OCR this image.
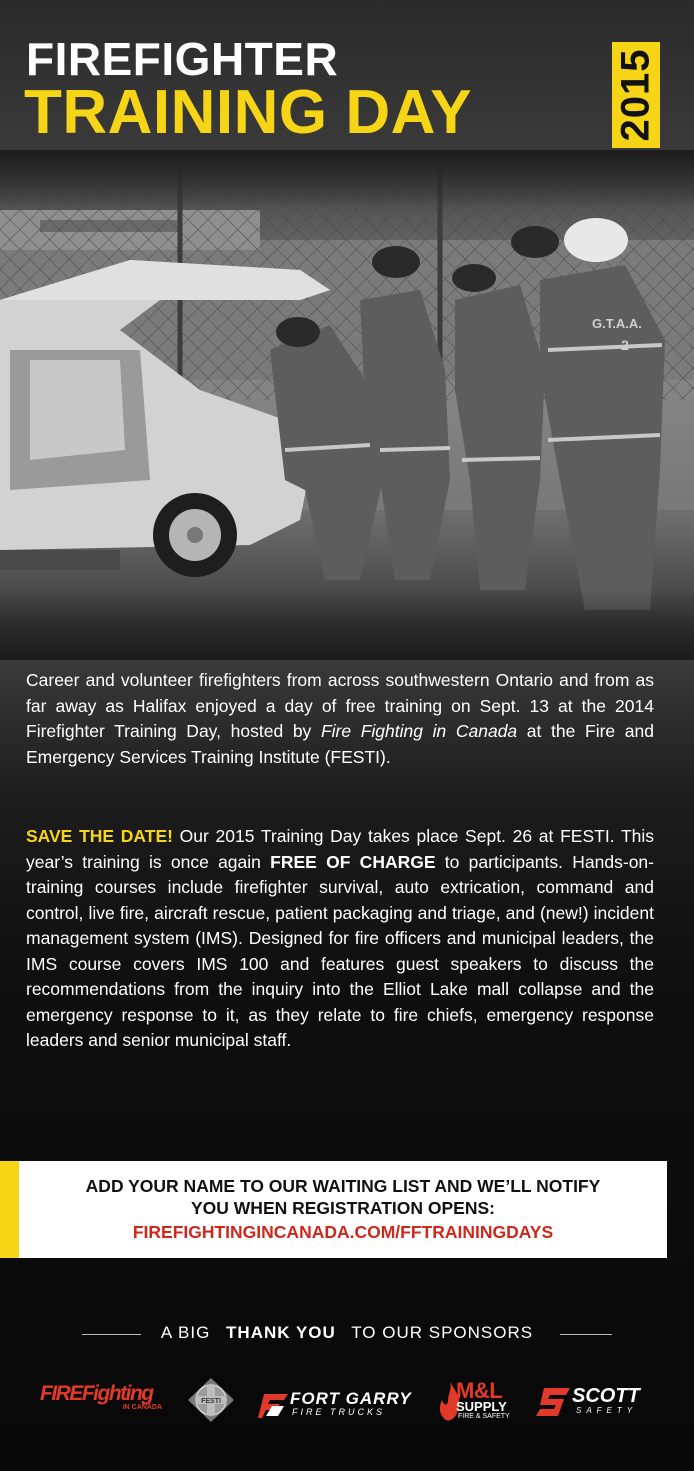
FIREFIGHTER
TRAINING DAY	2015
G.T.A.A.
2

Career and volunteer firefighters from across southwestern Ontario and from as far away as Halifax enjoyed a day of free training on Sept. 13 at the 2014 Firefighter Training Day, hosted by Fire Fighting in Canada at the Fire and Emergency Services Training Institute (FESTI).

SAVE THE DATE! Our 2015 Training Day takes place Sept. 26 at FESTI. This year’s training is once again FREE OF CHARGE to participants. Hands-on-training courses include firefighter survival, auto extrication, command and control, live fire, aircraft rescue, patient packaging and triage, and (new!) incident management system (IMS). Designed for fire officers and municipal leaders, the IMS course covers IMS 100 and features guest speakers to discuss the recommendations from the inquiry into the Elliot Lake mall collapse and the emergency response to it, as they relate to fire chiefs, emergency response leaders and senior municipal staff.

ADD YOUR NAME TO OUR WAITING LIST AND WE’LL NOTIFY
YOU WHEN REGISTRATION OPENS:
FIREFIGHTINGINCANADA.COM/FFTRAININGDAYS
A BIG THANK YOU TO OUR SPONSORS
FIREFighting
IN CANADA
FESTI	FORT GARRY
FIRE TRUCKS
M&L
SUPPLY
FIRE & SAFETY
SCOTT
SAFETY
